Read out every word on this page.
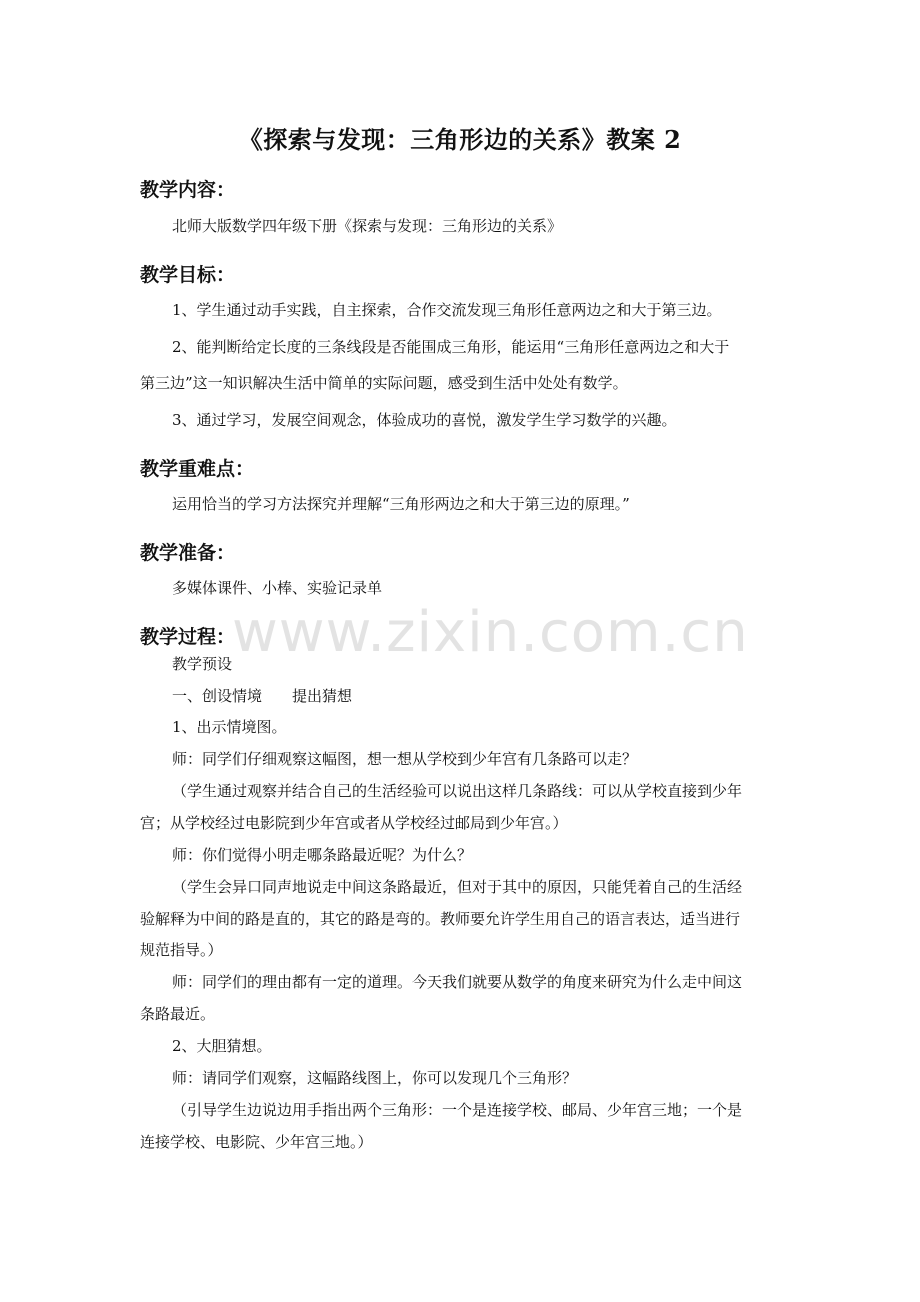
www.zixin.com.cn
《探索与发现：三角形边的关系》教案 2
教学内容：
北师大版数学四年级下册《探索与发现：三角形边的关系》
教学目标：
1、学生通过动手实践，自主探索，合作交流发现三角形任意两边之和大于第三边。
2、能判断给定长度的三条线段是否能围成三角形，能运用“三角形任意两边之和大于
第三边”这一知识解决生活中简单的实际问题，感受到生活中处处有数学。
3、通过学习，发展空间观念，体验成功的喜悦，激发学生学习数学的兴趣。
教学重难点：
运用恰当的学习方法探究并理解“三角形两边之和大于第三边的原理。”
教学准备：
多媒体课件、小棒、实验记录单
教学过程：
教学预设
一、创设情境　　提出猜想
1、出示情境图。
师：同学们仔细观察这幅图，想一想从学校到少年宫有几条路可以走？
（学生通过观察并结合自己的生活经验可以说出这样几条路线：可以从学校直接到少年
宫；从学校经过电影院到少年宫或者从学校经过邮局到少年宫。）
师：你们觉得小明走哪条路最近呢？为什么？
（学生会异口同声地说走中间这条路最近，但对于其中的原因，只能凭着自己的生活经
验解释为中间的路是直的，其它的路是弯的。教师要允许学生用自己的语言表达，适当进行
规范指导。）
师：同学们的理由都有一定的道理。今天我们就要从数学的角度来研究为什么走中间这
条路最近。
2、大胆猜想。
师：请同学们观察，这幅路线图上，你可以发现几个三角形？
（引导学生边说边用手指出两个三角形：一个是连接学校、邮局、少年宫三地；一个是
连接学校、电影院、少年宫三地。）
